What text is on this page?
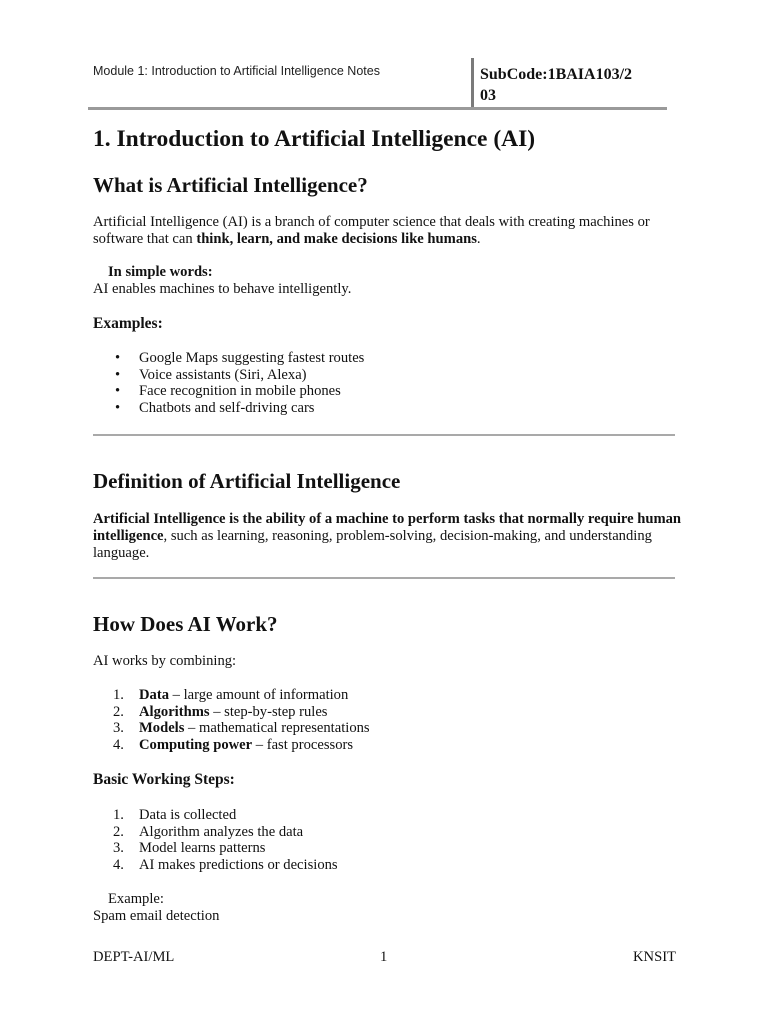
Module 1: Introduction to Artificial Intelligence Notes	SubCode:1BAIA103/2
03
1. Introduction to Artificial Intelligence (AI)
What is Artificial Intelligence?

Artificial Intelligence (AI) is a branch of computer science that deals with creating machines or software that can think, learn, and make decisions like humans.

In simple words:

AI enables machines to behave intelligently.

Examples:
•	Google Maps suggesting fastest routes
•	Voice assistants (Siri, Alexa)
•	Face recognition in mobile phones
•	Chatbots and self-driving cars
Definition of Artificial Intelligence

Artificial Intelligence is the ability of a machine to perform tasks that normally require human intelligence, such as learning, reasoning, problem-solving, decision-making, and understanding language.

How Does AI Work?

AI works by combining:

1.	Data – large amount of information
2.	Algorithms – step-by-step rules
3.	Models – mathematical representations
4.	Computing power – fast processors
Basic Working Steps:
1.	Data is collected
2.	Algorithm analyzes the data
3.	Model learns patterns
4.	AI makes predictions or decisions

Example:

Spam email detection

DEPT-AI/ML	1	KNSIT
